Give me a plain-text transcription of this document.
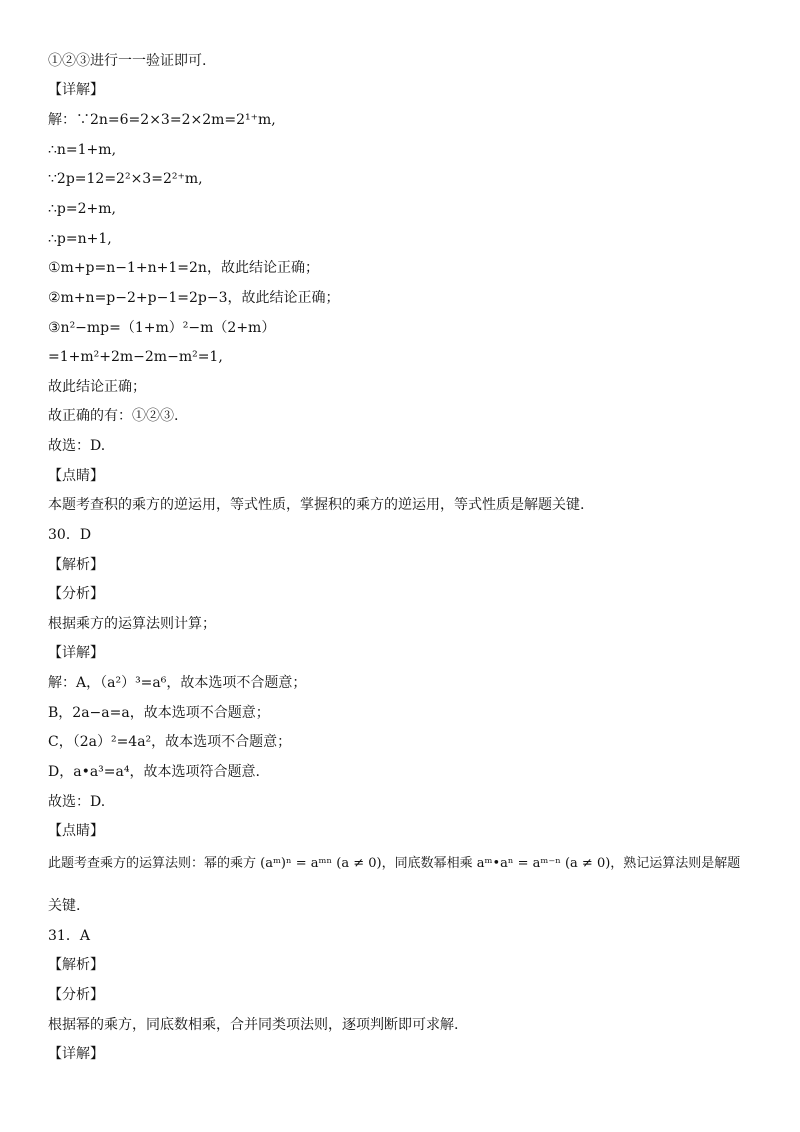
①②③进行一一验证即可.
【详解】
解：∵2n=6=2×3=2×2m=2¹⁺m,
∴n=1+m,
∵2p=12=2²×3=2²⁺m,
∴p=2+m,
∴p=n+1,
①m+p=n−1+n+1=2n，故此结论正确；
②m+n=p−2+p−1=2p−3，故此结论正确；
③n²−mp=（1+m）²−m（2+m）
=1+m²+2m−2m−m²=1,
故此结论正确；
故正确的有：①②③.
故选：D.
【点睛】
本题考查积的乘方的逆运用，等式性质，掌握积的乘方的逆运用，等式性质是解题关键.
30．D
【解析】
【分析】
根据乘方的运算法则计算；
【详解】
解：A，（a²）³=a⁶，故本选项不合题意；
B，2a−a=a，故本选项不合题意；
C，（2a）²=4a²，故本选项不合题意；
D，a•a³=a⁴，故本选项符合题意.
故选：D.
【点睛】
此题考查乘方的运算法则：幂的乘方 (aᵐ)ⁿ = aᵐⁿ (a ≠ 0)，同底数幂相乘 aᵐ•aⁿ = aᵐ⁻ⁿ (a ≠ 0)，熟记运算法则是解题
关键.
31．A
【解析】
【分析】
根据幂的乘方，同底数相乘，合并同类项法则，逐项判断即可求解.
【详解】
